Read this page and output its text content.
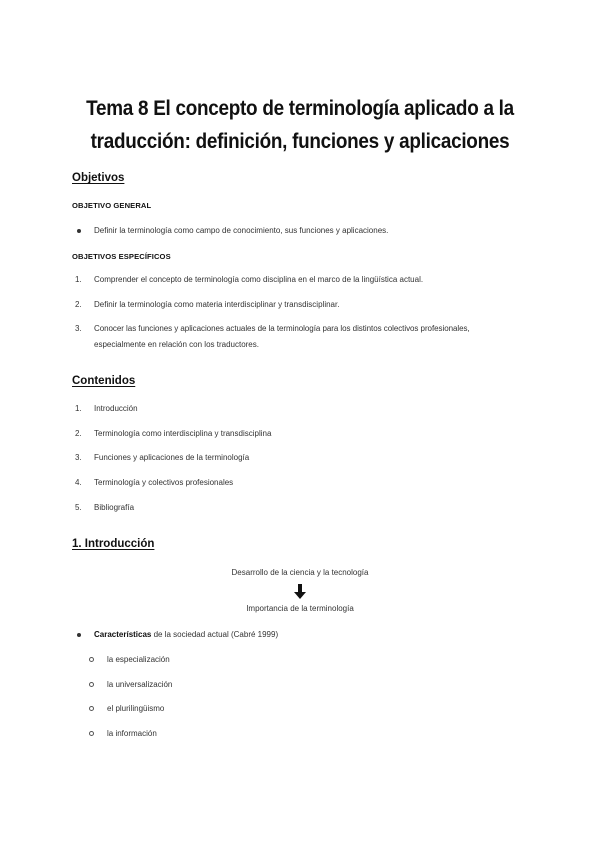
Tema 8 El concepto de terminología aplicado a la
traducción: definición, funciones y aplicaciones
Objetivos
OBJETIVO GENERAL
Definir la terminología como campo de conocimiento, sus funciones y aplicaciones.
OBJETIVOS ESPECÍFICOS
1. Comprender el concepto de terminología como disciplina en el marco de la lingüística actual.
2. Definir la terminología como materia interdisciplinar y transdisciplinar.
3. Conocer las funciones y aplicaciones actuales de la terminología para los distintos colectivos profesionales,
especialmente en relación con los traductores.
Contenidos
1. Introducción
2. Terminología como interdisciplina y transdisciplina
3. Funciones y aplicaciones de la terminología
4. Terminología y colectivos profesionales
5. Bibliografía
1. Introducción
Desarrollo de la ciencia y la tecnología
Importancia de la terminología
Características de la sociedad actual (Cabré 1999)
la especialización
la universalización
el plurilingüismo
la información
